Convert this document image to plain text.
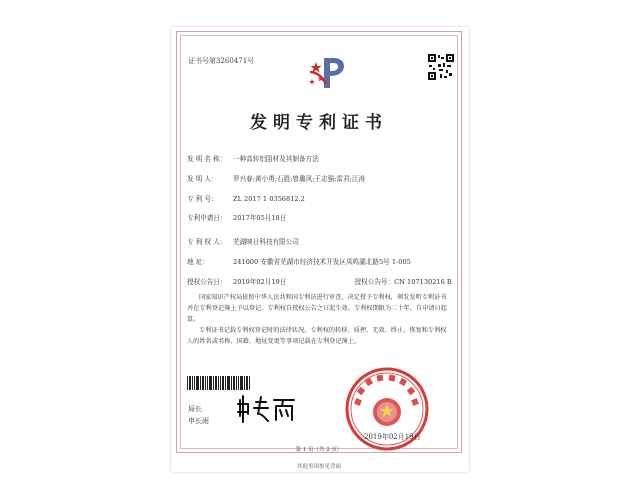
证书号第3260471号
发明专利证书
发 明 名 称： 一种高转铝阻材及其制备方法
发 明 人： 罗兴春;黄小勇;石胜;曾璐风;王志强;雷君;江涛
专 利 号： ZL 2017 1 0356812.2
专利申请日： 2017年05月18日
专 利 权 人： 芜湖映日科技有限公司
地 址：	241000 安徽省芜湖市经济技术开发区凤鸣湖北路5号 1-005
授权公告日： 2019年02月19日	授权公告号：CN 107130216 B
国家知识产权局依照中华人民共和国专利法进行审查，决定授予专利权，颁发发明专利证书并在专利登记簿上予以登记。专利权自授权公告之日起生效。专利权期限为二十年，自申请日起算。
专利证书记载专利权登记时的法律状况。专利权的转移、质押、无效、终止、恢复和专利权人的姓名或名称、国籍、地址变更等事项记载在专利登记簿上。
局长
申长雨
2019年02月19日
第 1 页（共 2 页）
其他事项参见背面
